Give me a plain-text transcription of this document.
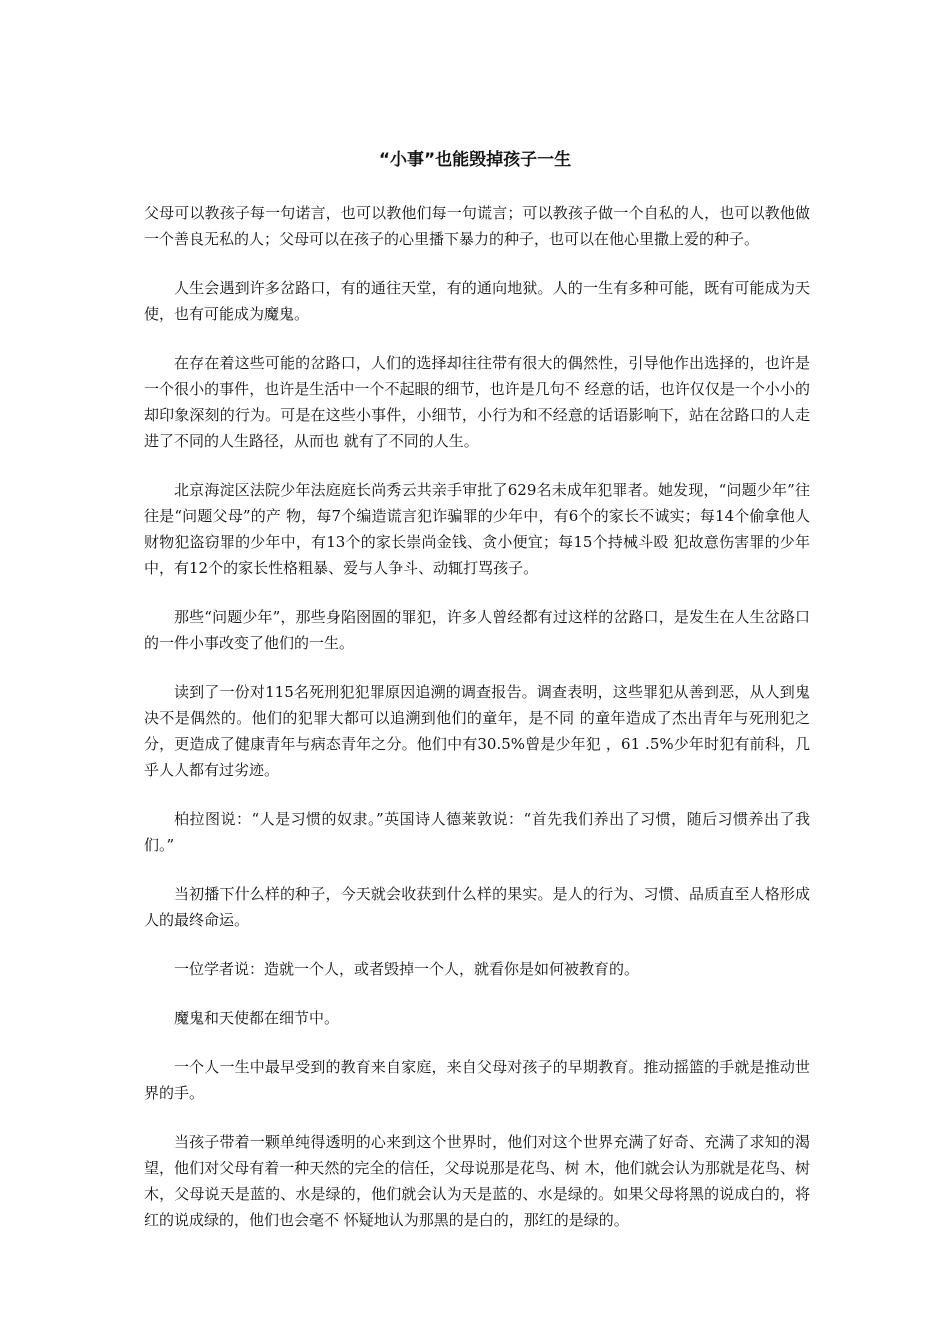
“小事”也能毁掉孩子一生

父母可以教孩子每一句诺言，也可以教他们每一句谎言；可以教孩子做一个自私的人，也可以教他做一个善良无私的人；父母可以在孩子的心里播下暴力的种子，也可以在他心里撒上爱的种子。

人生会遇到许多岔路口，有的通往天堂，有的通向地狱。人的一生有多种可能，既有可能成为天使，也有可能成为魔鬼。

在存在着这些可能的岔路口，人们的选择却往往带有很大的偶然性，引导他作出选择的，也许是一个很小的事件，也许是生活中一个不起眼的细节，也许是几句不 经意的话，也许仅仅是一个小小的却印象深刻的行为。可是在这些小事件，小细节，小行为和不经意的话语影响下，站在岔路口的人走进了不同的人生路径，从而也 就有了不同的人生。

北京海淀区法院少年法庭庭长尚秀云共亲手审批了629名未成年犯罪者。她发现，“问题少年”往往是“问题父母”的产 物，每7个编造谎言犯诈骗罪的少年中，有6个的家长不诚实；每14个偷拿他人财物犯盗窃罪的少年中，有13个的家长崇尚金钱、贪小便宜；每15个持械斗殴 犯故意伤害罪的少年中，有12个的家长性格粗暴、爱与人争斗、动辄打骂孩子。

那些“问题少年”，那些身陷囹圄的罪犯，许多人曾经都有过这样的岔路口，是发生在人生岔路口的一件小事改变了他们的一生。

读到了一份对115名死刑犯犯罪原因追溯的调查报告。调查表明，这些罪犯从善到恶，从人到鬼决不是偶然的。他们的犯罪大都可以追溯到他们的童年，是不同 的童年造成了杰出青年与死刑犯之分，更造成了健康青年与病态青年之分。他们中有30.5%曾是少年犯 ，61 .5%少年时犯有前科，几乎人人都有过劣迹。

柏拉图说：“人是习惯的奴隶。”英国诗人德莱敦说：“首先我们养出了习惯，随后习惯养出了我们。”

当初播下什么样的种子，今天就会收获到什么样的果实。是人的行为、习惯、品质直至人格形成人的最终命运。

一位学者说：造就一个人，或者毁掉一个人，就看你是如何被教育的。

魔鬼和天使都在细节中。

一个人一生中最早受到的教育来自家庭，来自父母对孩子的早期教育。推动摇篮的手就是推动世界的手。

当孩子带着一颗单纯得透明的心来到这个世界时，他们对这个世界充满了好奇、充满了求知的渴望，他们对父母有着一种天然的完全的信任，父母说那是花鸟、树 木，他们就会认为那就是花鸟、树木，父母说天是蓝的、水是绿的，他们就会认为天是蓝的、水是绿的。如果父母将黑的说成白的，将红的说成绿的，他们也会毫不 怀疑地认为那黑的是白的，那红的是绿的。
